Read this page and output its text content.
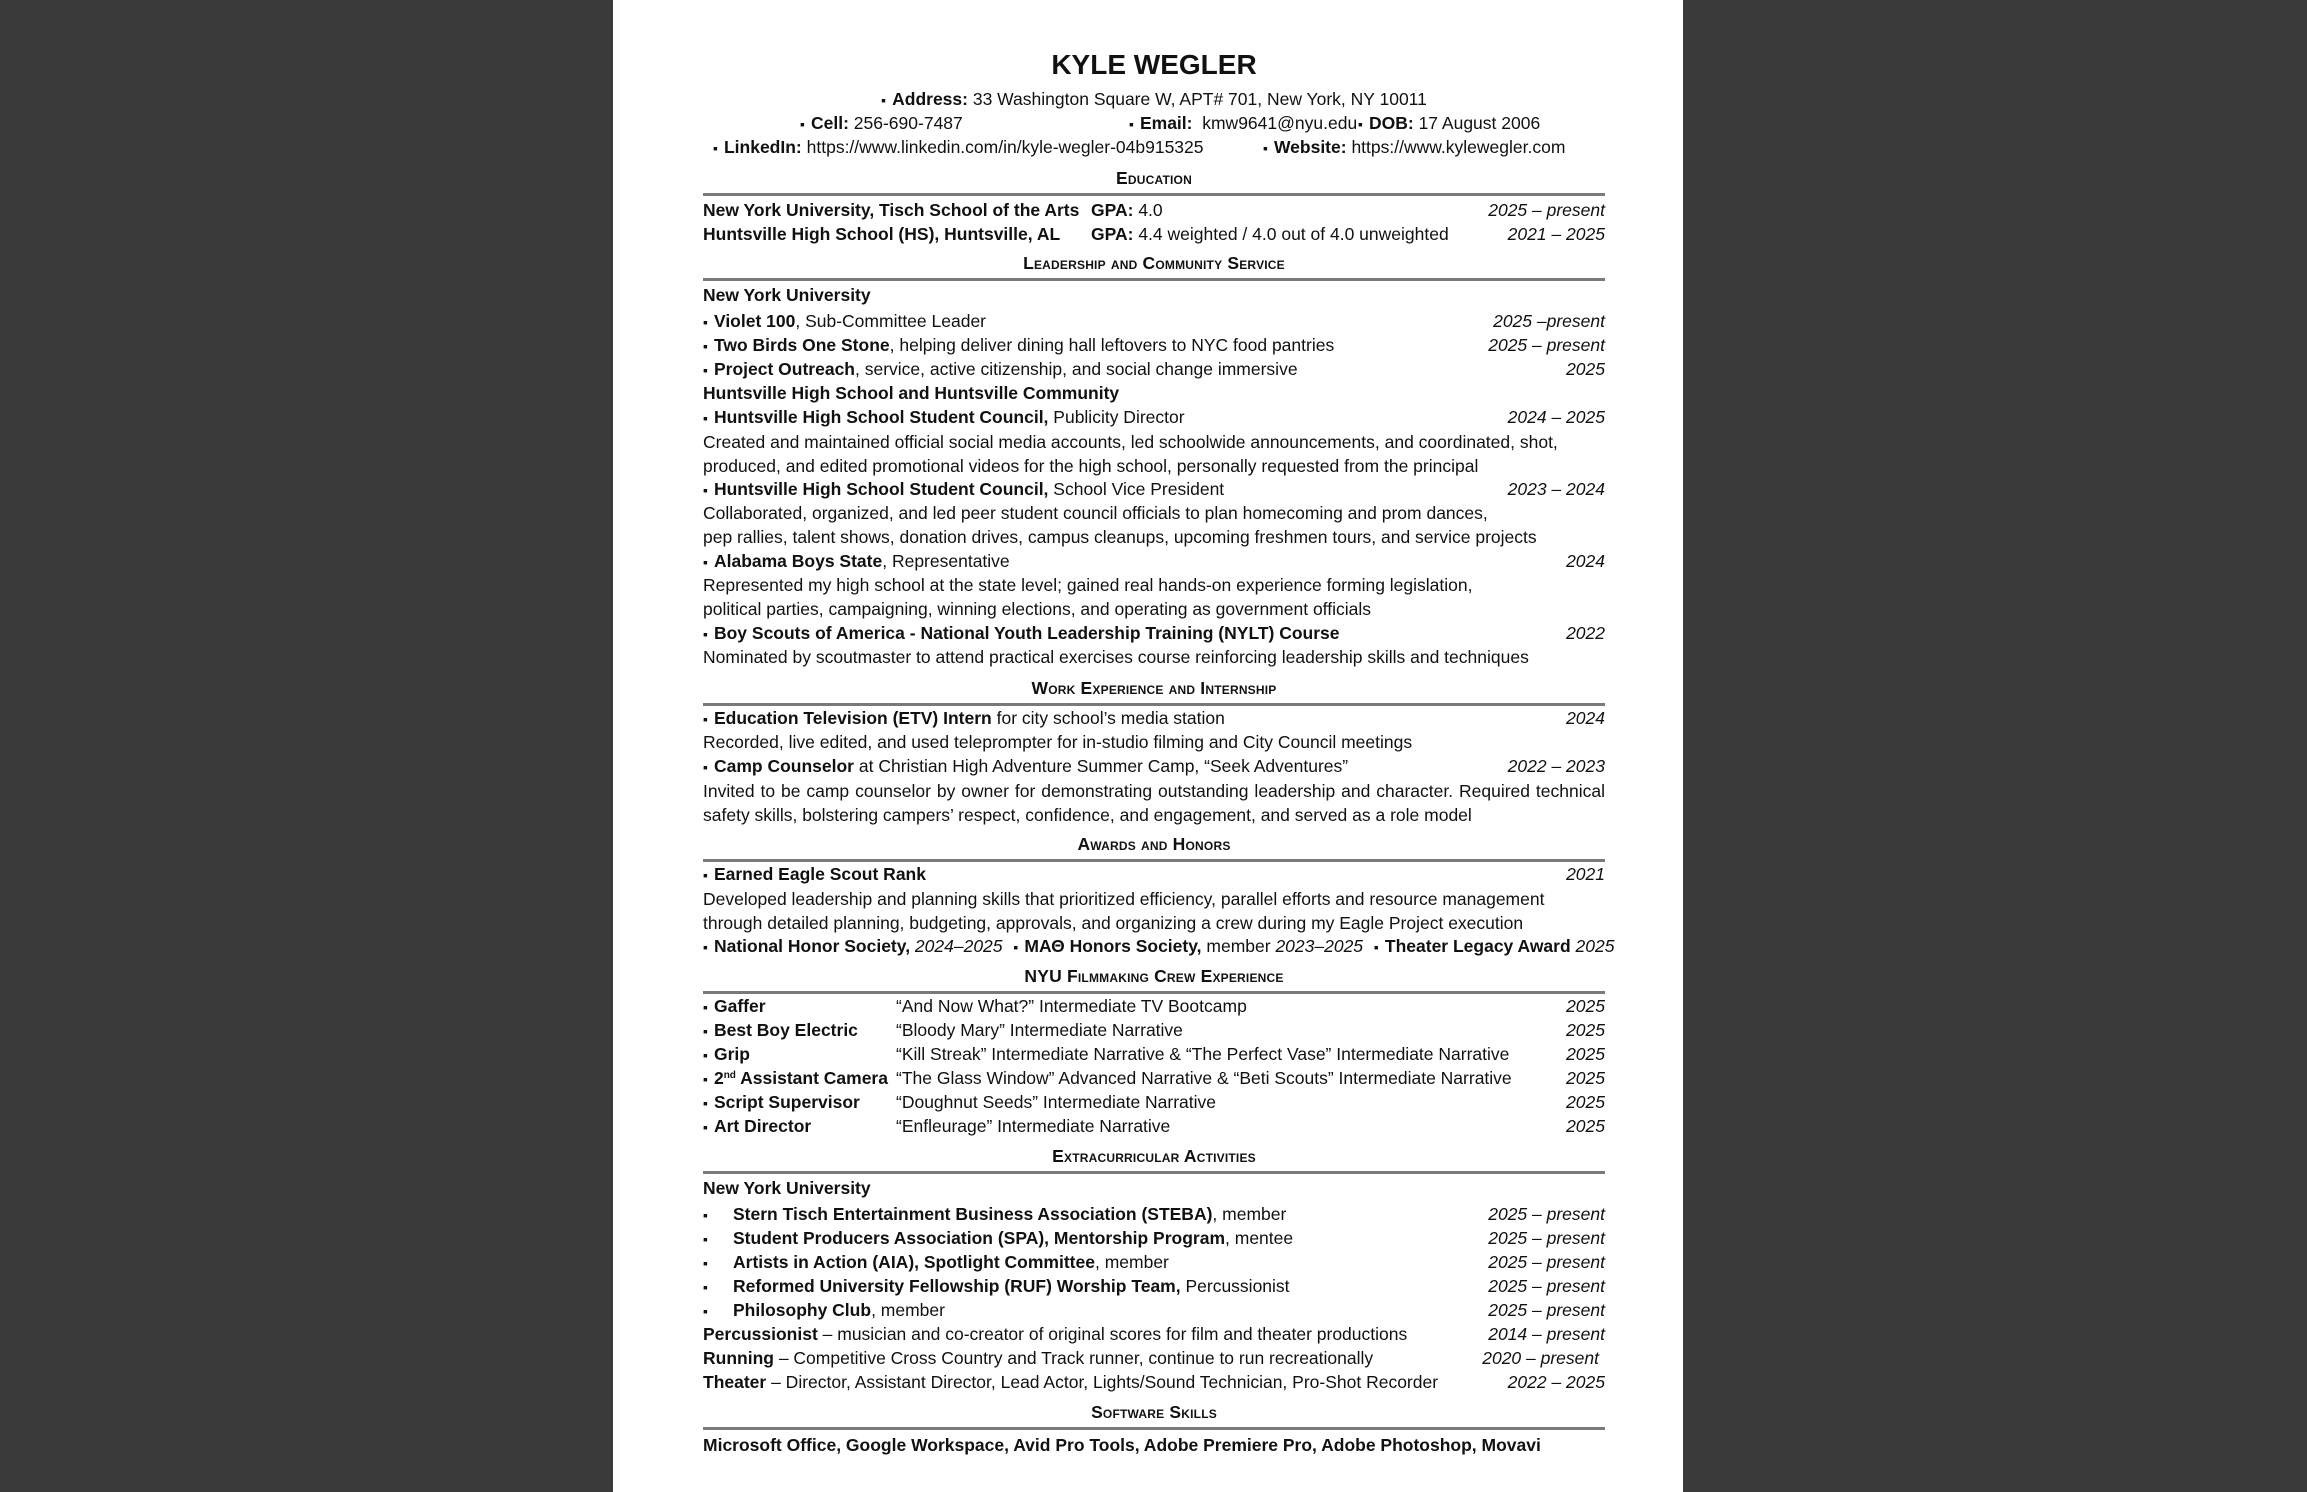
KYLE WEGLER
▪ Address: 33 Washington Square W, APT# 701, New York, NY 10011
▪ Cell: 256-690-7487	▪ Email: kmw9641@nyu.edu ▪ DOB: 17 August 2006
▪ LinkedIn: https://www.linkedin.com/in/kyle-wegler-04b915325	▪ Website: https://www.kylewegler.com
Education
New York University, Tisch School of the Arts GPA: 4.0	2025 – present
Huntsville High School (HS), Huntsville, AL GPA: 4.4 weighted / 4.0 out of 4.0 unweighted	2021 – 2025
Leadership and Community Service
New York University
▪ Violet 100, Sub-Committee Leader	2025 –present
▪ Two Birds One Stone, helping deliver dining hall leftovers to NYC food pantries	2025 – present
▪ Project Outreach, service, active citizenship, and social change immersive	2025
Huntsville High School and Huntsville Community
▪ Huntsville High School Student Council, Publicity Director	2024 – 2025
Created and maintained official social media accounts, led schoolwide announcements, and coordinated, shot, produced, and edited promotional videos for the high school, personally requested from the principal
▪ Huntsville High School Student Council, School Vice President	2023 – 2024
Collaborated, organized, and led peer student council officials to plan homecoming and prom dances,
pep rallies, talent shows, donation drives, campus cleanups, upcoming freshmen tours, and service projects
▪ Alabama Boys State, Representative	2024
Represented my high school at the state level; gained real hands-on experience forming legislation,
political parties, campaigning, winning elections, and operating as government officials
▪ Boy Scouts of America - National Youth Leadership Training (NYLT) Course	2022
Nominated by scoutmaster to attend practical exercises course reinforcing leadership skills and techniques
Work Experience and Internship
▪ Education Television (ETV) Intern for city school’s media station	2024
Recorded, live edited, and used teleprompter for in-studio filming and City Council meetings
▪ Camp Counselor at Christian High Adventure Summer Camp, “Seek Adventures”	2022 – 2023
Invited to be camp counselor by owner for demonstrating outstanding leadership and character. Required technical safety skills, bolstering campers’ respect, confidence, and engagement, and served as a role model
Awards and Honors
▪ Earned Eagle Scout Rank	2021
Developed leadership and planning skills that prioritized efficiency, parallel efforts and resource management through detailed planning, budgeting, approvals, and organizing a crew during my Eagle Project execution
▪ National Honor Society, 2024–2025 ▪ ΜΑΘ Honors Society, member 2023–2025 ▪ Theater Legacy Award 2025
NYU Filmmaking Crew Experience
▪ Gaffer	“And Now What?” Intermediate TV Bootcamp	2025
▪ Best Boy Electric “Bloody Mary” Intermediate Narrative	2025
▪ Grip	“Kill Streak” Intermediate Narrative & “The Perfect Vase” Intermediate Narrative	2025
▪ 2nd Assistant Camera “The Glass Window” Advanced Narrative & “Beti Scouts” Intermediate Narrative	2025
▪ Script Supervisor “Doughnut Seeds” Intermediate Narrative	2025
▪ Art Director	“Enfleurage” Intermediate Narrative	2025
Extracurricular Activities
New York University
▪ Stern Tisch Entertainment Business Association (STEBA), member	2025 – present
▪ Student Producers Association (SPA), Mentorship Program, mentee	2025 – present
▪ Artists in Action (AIA), Spotlight Committee, member	2025 – present
▪ Reformed University Fellowship (RUF) Worship Team, Percussionist	2025 – present
▪ Philosophy Club, member	2025 – present
Percussionist – musician and co-creator of original scores for film and theater productions	2014 – present
Running – Competitive Cross Country and Track runner, continue to run recreationally	2020 – present
Theater – Director, Assistant Director, Lead Actor, Lights/Sound Technician, Pro-Shot Recorder	2022 – 2025
Software Skills
Microsoft Office, Google Workspace, Avid Pro Tools, Adobe Premiere Pro, Adobe Photoshop, Movavi
